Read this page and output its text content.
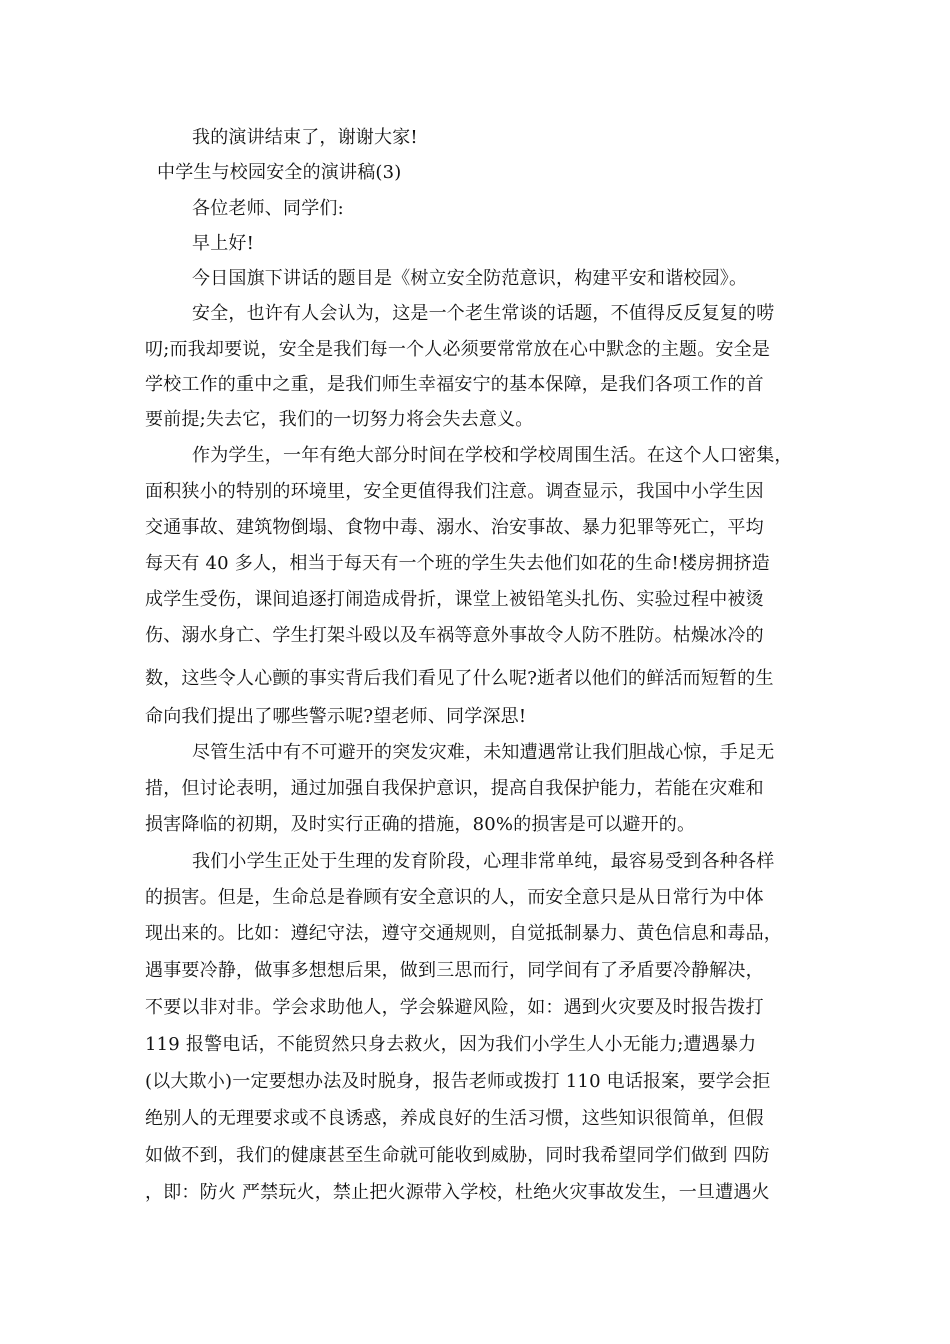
我的演讲结束了，谢谢大家!
中学生与校园安全的演讲稿(3)
各位老师、同学们:
早上好!
今日国旗下讲话的题目是《树立安全防范意识，构建平安和谐校园》。
安全，也许有人会认为，这是一个老生常谈的话题，不值得反反复复的唠
叨;而我却要说，安全是我们每一个人必须要常常放在心中默念的主题。安全是
学校工作的重中之重，是我们师生幸福安宁的基本保障，是我们各项工作的首
要前提;失去它，我们的一切努力将会失去意义。
作为学生，一年有绝大部分时间在学校和学校周围生活。在这个人口密集，
面积狭小的特别的环境里，安全更值得我们注意。调查显示，我国中小学生因
交通事故、建筑物倒塌、食物中毒、溺水、治安事故、暴力犯罪等死亡，平均
每天有 40 多人，相当于每天有一个班的学生失去他们如花的生命!楼房拥挤造
成学生受伤，课间追逐打闹造成骨折，课堂上被铅笔头扎伤、实验过程中被烫
伤、溺水身亡、学生打架斗殴以及车祸等意外事故令人防不胜防。枯燥冰冷的
数，这些令人心颤的事实背后我们看见了什么呢?逝者以他们的鲜活而短暂的生
命向我们提出了哪些警示呢?望老师、同学深思!
尽管生活中有不可避开的突发灾难，未知遭遇常让我们胆战心惊，手足无
措，但讨论表明，通过加强自我保护意识，提高自我保护能力，若能在灾难和
损害降临的初期，及时实行正确的措施，80%的损害是可以避开的。
我们小学生正处于生理的发育阶段，心理非常单纯，最容易受到各种各样
的损害。但是，生命总是眷顾有安全意识的人，而安全意只是从日常行为中体
现出来的。比如：遵纪守法，遵守交通规则，自觉抵制暴力、黄色信息和毒品，
遇事要冷静，做事多想想后果，做到三思而行，同学间有了矛盾要冷静解决，
不要以非对非。学会求助他人，学会躲避风险，如：遇到火灾要及时报告拨打
119 报警电话，不能贸然只身去救火，因为我们小学生人小无能力;遭遇暴力
(以大欺小)一定要想办法及时脱身，报告老师或拨打 110 电话报案，要学会拒
绝别人的无理要求或不良诱惑，养成良好的生活习惯，这些知识很简单，但假
如做不到，我们的健康甚至生命就可能收到威胁，同时我希望同学们做到 四防
，即：防火 严禁玩火，禁止把火源带入学校，杜绝火灾事故发生，一旦遭遇火
